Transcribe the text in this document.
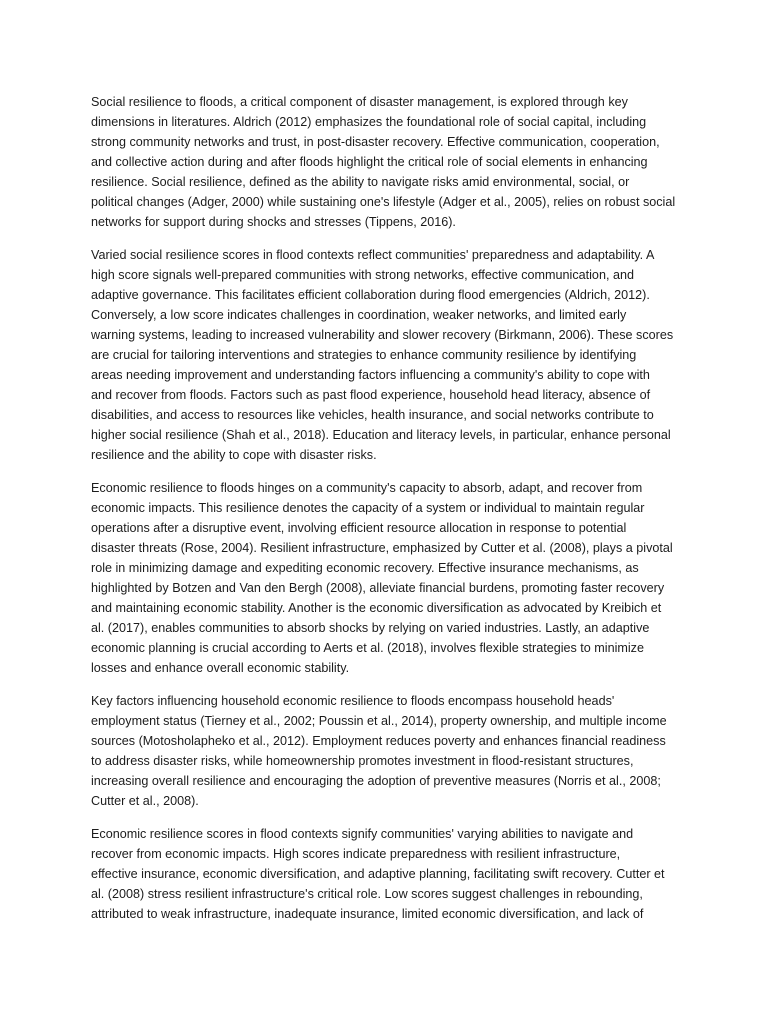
Social resilience to floods, a critical component of disaster management, is explored through key
dimensions in literatures. Aldrich (2012) emphasizes the foundational role of social capital, including
strong community networks and trust, in post-disaster recovery. Effective communication, cooperation,
and collective action during and after floods highlight the critical role of social elements in enhancing
resilience. Social resilience, defined as the ability to navigate risks amid environmental, social, or
political changes (Adger, 2000) while sustaining one's lifestyle (Adger et al., 2005), relies on robust social
networks for support during shocks and stresses (Tippens, 2016).

Varied social resilience scores in flood contexts reflect communities' preparedness and adaptability. A
high score signals well-prepared communities with strong networks, effective communication, and
adaptive governance. This facilitates efficient collaboration during flood emergencies (Aldrich, 2012).
Conversely, a low score indicates challenges in coordination, weaker networks, and limited early
warning systems, leading to increased vulnerability and slower recovery (Birkmann, 2006). These scores
are crucial for tailoring interventions and strategies to enhance community resilience by identifying
areas needing improvement and understanding factors influencing a community's ability to cope with
and recover from floods. Factors such as past flood experience, household head literacy, absence of
disabilities, and access to resources like vehicles, health insurance, and social networks contribute to
higher social resilience (Shah et al., 2018). Education and literacy levels, in particular, enhance personal
resilience and the ability to cope with disaster risks.

Economic resilience to floods hinges on a community's capacity to absorb, adapt, and recover from
economic impacts. This resilience denotes the capacity of a system or individual to maintain regular
operations after a disruptive event, involving efficient resource allocation in response to potential
disaster threats (Rose, 2004). Resilient infrastructure, emphasized by Cutter et al. (2008), plays a pivotal
role in minimizing damage and expediting economic recovery. Effective insurance mechanisms, as
highlighted by Botzen and Van den Bergh (2008), alleviate financial burdens, promoting faster recovery
and maintaining economic stability. Another is the economic diversification as advocated by Kreibich et
al. (2017), enables communities to absorb shocks by relying on varied industries. Lastly, an adaptive
economic planning is crucial according to Aerts et al. (2018), involves flexible strategies to minimize
losses and enhance overall economic stability.

Key factors influencing household economic resilience to floods encompass household heads'
employment status (Tierney et al., 2002; Poussin et al., 2014), property ownership, and multiple income
sources (Motosholapheko et al., 2012). Employment reduces poverty and enhances financial readiness
to address disaster risks, while homeownership promotes investment in flood-resistant structures,
increasing overall resilience and encouraging the adoption of preventive measures (Norris et al., 2008;
Cutter et al., 2008).

Economic resilience scores in flood contexts signify communities' varying abilities to navigate and
recover from economic impacts. High scores indicate preparedness with resilient infrastructure,
effective insurance, economic diversification, and adaptive planning, facilitating swift recovery. Cutter et
al. (2008) stress resilient infrastructure's critical role. Low scores suggest challenges in rebounding,
attributed to weak infrastructure, inadequate insurance, limited economic diversification, and lack of
